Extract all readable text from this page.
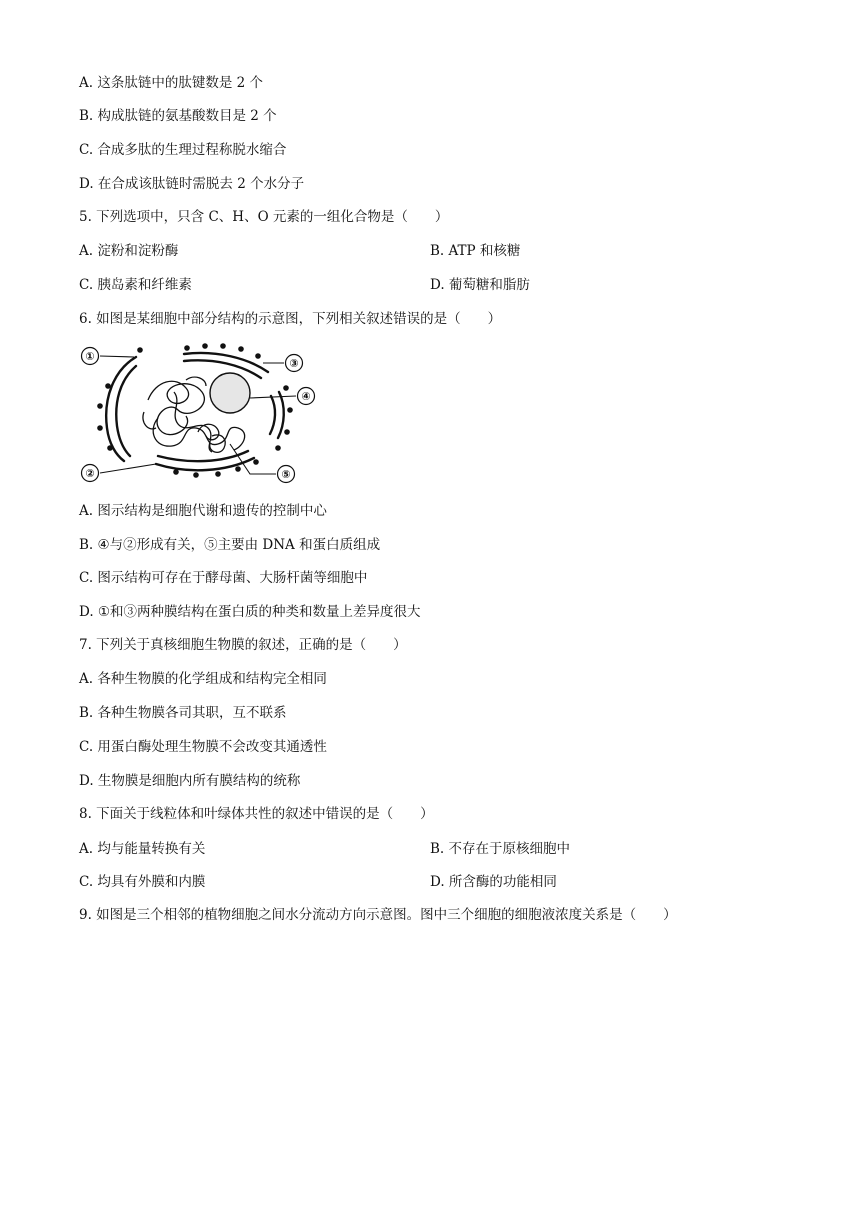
A. 这条肽链中的肽键数是 2 个
B. 构成肽链的氨基酸数目是 2 个
C. 合成多肽的生理过程称脱水缩合
D. 在合成该肽链时需脱去 2 个水分子
5. 下列选项中，只含 C、H、O 元素的一组化合物是（　　）
A. 淀粉和淀粉酶	B. ATP 和核糖
C. 胰岛素和纤维素	D. 葡萄糖和脂肪
6. 如图是某细胞中部分结构的示意图，下列相关叙述错误的是（　　）
①
②
③
④
⑤
A. 图示结构是细胞代谢和遗传的控制中心
B. ④与②形成有关，⑤主要由 DNA 和蛋白质组成
C. 图示结构可存在于酵母菌、大肠杆菌等细胞中
D. ①和③两种膜结构在蛋白质的种类和数量上差异度很大
7. 下列关于真核细胞生物膜的叙述，正确的是（　　）
A. 各种生物膜的化学组成和结构完全相同
B. 各种生物膜各司其职，互不联系
C. 用蛋白酶处理生物膜不会改变其通透性
D. 生物膜是细胞内所有膜结构的统称
8. 下面关于线粒体和叶绿体共性的叙述中错误的是（　　）
A. 均与能量转换有关	B. 不存在于原核细胞中
C. 均具有外膜和内膜	D. 所含酶的功能相同
9. 如图是三个相邻的植物细胞之间水分流动方向示意图。图中三个细胞的细胞液浓度关系是（　　）
